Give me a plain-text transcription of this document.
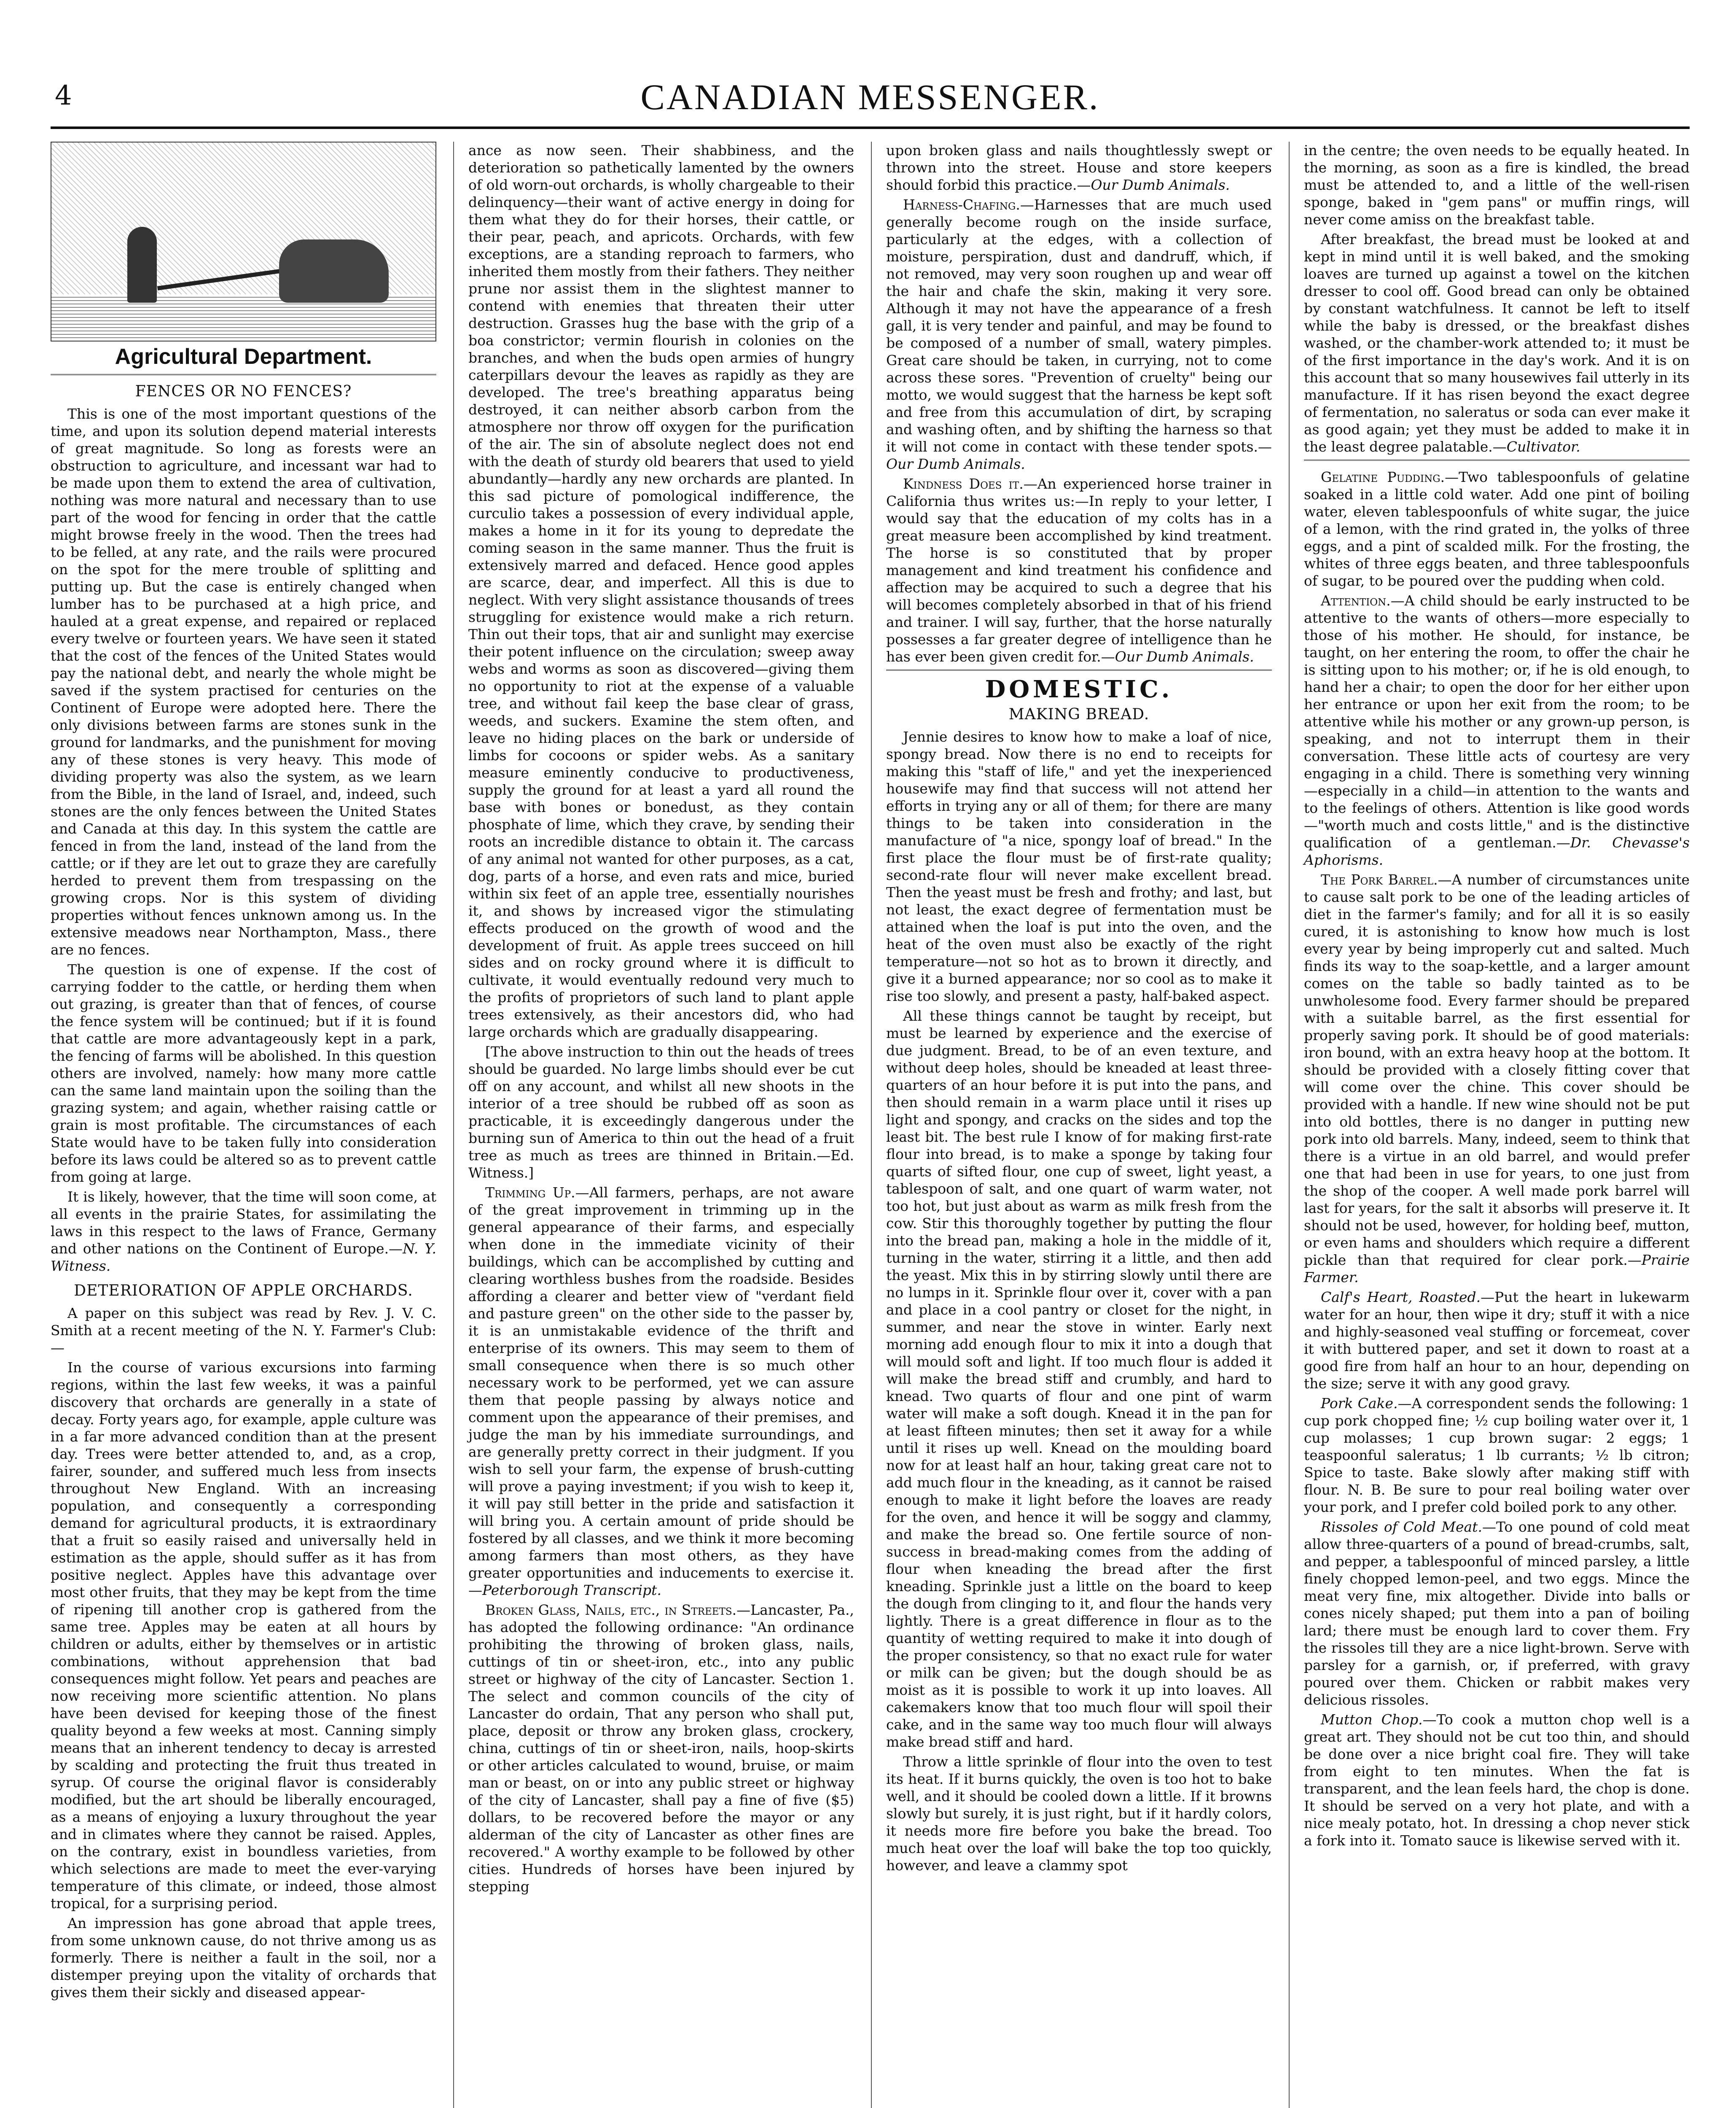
4	CANADIAN MESSENGER.
Agricultural Department.
FENCES OR NO FENCES?

This is one of the most important questions of the time, and upon its solution depend material interests of great magnitude. So long as forests were an obstruction to agriculture, and incessant war had to be made upon them to extend the area of cultivation, nothing was more natural and necessary than to use part of the wood for fencing in order that the cattle might browse freely in the wood. Then the trees had to be felled, at any rate, and the rails were procured on the spot for the mere trouble of splitting and putting up. But the case is entirely changed when lumber has to be purchased at a high price, and hauled at a great expense, and repaired or replaced every twelve or fourteen years. We have seen it stated that the cost of the fences of the United States would pay the national debt, and nearly the whole might be saved if the system practised for centuries on the Continent of Europe were adopted here. There the only divisions between farms are stones sunk in the ground for landmarks, and the punishment for moving any of these stones is very heavy. This mode of dividing property was also the system, as we learn from the Bible, in the land of Israel, and, indeed, such stones are the only fences between the United States and Canada at this day. In this system the cattle are fenced in from the land, instead of the land from the cattle; or if they are let out to graze they are carefully herded to prevent them from trespassing on the growing crops. Nor is this system of dividing properties without fences unknown among us. In the extensive meadows near Northampton, Mass., there are no fences.

The question is one of expense. If the cost of carrying fodder to the cattle, or herding them when out grazing, is greater than that of fences, of course the fence system will be continued; but if it is found that cattle are more advantageously kept in a park, the fencing of farms will be abolished. In this question others are involved, namely: how many more cattle can the same land maintain upon the soiling than the grazing system; and again, whether raising cattle or grain is most profitable. The circumstances of each State would have to be taken fully into consideration before its laws could be altered so as to prevent cattle from going at large.

It is likely, however, that the time will soon come, at all events in the prairie States, for assimilating the laws in this respect to the laws of France, Germany and other nations on the Continent of Europe.—N. Y. Witness.

DETERIORATION OF APPLE ORCHARDS.

A paper on this subject was read by Rev. J. V. C. Smith at a recent meeting of the N. Y. Farmer's Club:—

In the course of various excursions into farming regions, within the last few weeks, it was a painful discovery that orchards are generally in a state of decay. Forty years ago, for example, apple culture was in a far more advanced condition than at the present day. Trees were better attended to, and, as a crop, fairer, sounder, and suffered much less from insects throughout New England. With an increasing population, and consequently a corresponding demand for agricultural products, it is extraordinary that a fruit so easily raised and universally held in estimation as the apple, should suffer as it has from positive neglect. Apples have this advantage over most other fruits, that they may be kept from the time of ripening till another crop is gathered from the same tree. Apples may be eaten at all hours by children or adults, either by themselves or in artistic combinations, without apprehension that bad consequences might follow. Yet pears and peaches are now receiving more scientific attention. No plans have been devised for keeping those of the finest quality beyond a few weeks at most. Canning simply means that an inherent tendency to decay is arrested by scalding and protecting the fruit thus treated in syrup. Of course the original flavor is considerably modified, but the art should be liberally encouraged, as a means of enjoying a luxury throughout the year and in climates where they cannot be raised. Apples, on the contrary, exist in boundless varieties, from which selections are made to meet the ever-varying temperature of this climate, or indeed, those almost tropical, for a surprising period.

An impression has gone abroad that apple trees, from some unknown cause, do not thrive among us as formerly. There is neither a fault in the soil, nor a distemper preying upon the vitality of orchards that gives them their sickly and diseased appear-

ance as now seen. Their shabbiness, and the deterioration so pathetically lamented by the owners of old worn-out orchards, is wholly chargeable to their delinquency—their want of active energy in doing for them what they do for their horses, their cattle, or their pear, peach, and apricots. Orchards, with few exceptions, are a standing reproach to farmers, who inherited them mostly from their fathers. They neither prune nor assist them in the slightest manner to contend with enemies that threaten their utter destruction. Grasses hug the base with the grip of a boa constrictor; vermin flourish in colonies on the branches, and when the buds open armies of hungry caterpillars devour the leaves as rapidly as they are developed. The tree's breathing apparatus being destroyed, it can neither absorb carbon from the atmosphere nor throw off oxygen for the purification of the air. The sin of absolute neglect does not end with the death of sturdy old bearers that used to yield abundantly—hardly any new orchards are planted. In this sad picture of pomological indifference, the curculio takes a possession of every individual apple, makes a home in it for its young to depredate the coming season in the same manner. Thus the fruit is extensively marred and defaced. Hence good apples are scarce, dear, and imperfect. All this is due to neglect. With very slight assistance thousands of trees struggling for existence would make a rich return. Thin out their tops, that air and sunlight may exercise their potent influence on the circulation; sweep away webs and worms as soon as discovered—giving them no opportunity to riot at the expense of a valuable tree, and without fail keep the base clear of grass, weeds, and suckers. Examine the stem often, and leave no hiding places on the bark or underside of limbs for cocoons or spider webs. As a sanitary measure eminently conducive to productiveness, supply the ground for at least a yard all round the base with bones or bonedust, as they contain phosphate of lime, which they crave, by sending their roots an incredible distance to obtain it. The carcass of any animal not wanted for other purposes, as a cat, dog, parts of a horse, and even rats and mice, buried within six feet of an apple tree, essentially nourishes it, and shows by increased vigor the stimulating effects produced on the growth of wood and the development of fruit. As apple trees succeed on hill sides and on rocky ground where it is difficult to cultivate, it would eventually redound very much to the profits of proprietors of such land to plant apple trees extensively, as their ancestors did, who had large orchards which are gradually disappearing.

[The above instruction to thin out the heads of trees should be guarded. No large limbs should ever be cut off on any account, and whilst all new shoots in the interior of a tree should be rubbed off as soon as practicable, it is exceedingly dangerous under the burning sun of America to thin out the head of a fruit tree as much as trees are thinned in Britain.—Ed. Witness.]

Trimming Up.—All farmers, perhaps, are not aware of the great improvement in trimming up in the general appearance of their farms, and especially when done in the immediate vicinity of their buildings, which can be accomplished by cutting and clearing worthless bushes from the roadside. Besides affording a clearer and better view of "verdant field and pasture green" on the other side to the passer by, it is an unmistakable evidence of the thrift and enterprise of its owners. This may seem to them of small consequence when there is so much other necessary work to be performed, yet we can assure them that people passing by always notice and comment upon the appearance of their premises, and judge the man by his immediate surroundings, and are generally pretty correct in their judgment. If you wish to sell your farm, the expense of brush-cutting will prove a paying investment; if you wish to keep it, it will pay still better in the pride and satisfaction it will bring you. A certain amount of pride should be fostered by all classes, and we think it more becoming among farmers than most others, as they have greater opportunities and inducements to exercise it.—Peterborough Transcript.

Broken Glass, Nails, etc., in Streets.—Lancaster, Pa., has adopted the following ordinance: "An ordinance prohibiting the throwing of broken glass, nails, cuttings of tin or sheet-iron, etc., into any public street or highway of the city of Lancaster. Section 1. The select and common councils of the city of Lancaster do ordain, That any person who shall put, place, deposit or throw any broken glass, crockery, china, cuttings of tin or sheet-iron, nails, hoop-skirts or other articles calculated to wound, bruise, or maim man or beast, on or into any public street or highway of the city of Lancaster, shall pay a fine of five ($5) dollars, to be recovered before the mayor or any alderman of the city of Lancaster as other fines are recovered." A worthy example to be followed by other cities. Hundreds of horses have been injured by stepping

upon broken glass and nails thoughtlessly swept or thrown into the street. House and store keepers should forbid this practice.—Our Dumb Animals.

Harness-Chafing.—Harnesses that are much used generally become rough on the inside surface, particularly at the edges, with a collection of moisture, perspiration, dust and dandruff, which, if not removed, may very soon roughen up and wear off the hair and chafe the skin, making it very sore. Although it may not have the appearance of a fresh gall, it is very tender and painful, and may be found to be composed of a number of small, watery pimples. Great care should be taken, in currying, not to come across these sores. "Prevention of cruelty" being our motto, we would suggest that the harness be kept soft and free from this accumulation of dirt, by scraping and washing often, and by shifting the harness so that it will not come in contact with these tender spots.—Our Dumb Animals.

Kindness Does it.—An experienced horse trainer in California thus writes us:—In reply to your letter, I would say that the education of my colts has in a great measure been accomplished by kind treatment. The horse is so constituted that by proper management and kind treatment his confidence and affection may be acquired to such a degree that his will becomes completely absorbed in that of his friend and trainer. I will say, further, that the horse naturally possesses a far greater degree of intelligence than he has ever been given credit for.—Our Dumb Animals.

DOMESTIC.
MAKING BREAD.

Jennie desires to know how to make a loaf of nice, spongy bread. Now there is no end to receipts for making this "staff of life," and yet the inexperienced housewife may find that success will not attend her efforts in trying any or all of them; for there are many things to be taken into consideration in the manufacture of "a nice, spongy loaf of bread." In the first place the flour must be of first-rate quality; second-rate flour will never make excellent bread. Then the yeast must be fresh and frothy; and last, but not least, the exact degree of fermentation must be attained when the loaf is put into the oven, and the heat of the oven must also be exactly of the right temperature—not so hot as to brown it directly, and give it a burned appearance; nor so cool as to make it rise too slowly, and present a pasty, half-baked aspect.

All these things cannot be taught by receipt, but must be learned by experience and the exercise of due judgment. Bread, to be of an even texture, and without deep holes, should be kneaded at least three-quarters of an hour before it is put into the pans, and then should remain in a warm place until it rises up light and spongy, and cracks on the sides and top the least bit. The best rule I know of for making first-rate flour into bread, is to make a sponge by taking four quarts of sifted flour, one cup of sweet, light yeast, a tablespoon of salt, and one quart of warm water, not too hot, but just about as warm as milk fresh from the cow. Stir this thoroughly together by putting the flour into the bread pan, making a hole in the middle of it, turning in the water, stirring it a little, and then add the yeast. Mix this in by stirring slowly until there are no lumps in it. Sprinkle flour over it, cover with a pan and place in a cool pantry or closet for the night, in summer, and near the stove in winter. Early next morning add enough flour to mix it into a dough that will mould soft and light. If too much flour is added it will make the bread stiff and crumbly, and hard to knead. Two quarts of flour and one pint of warm water will make a soft dough. Knead it in the pan for at least fifteen minutes; then set it away for a while until it rises up well. Knead on the moulding board now for at least half an hour, taking great care not to add much flour in the kneading, as it cannot be raised enough to make it light before the loaves are ready for the oven, and hence it will be soggy and clammy, and make the bread so. One fertile source of non-success in bread-making comes from the adding of flour when kneading the bread after the first kneading. Sprinkle just a little on the board to keep the dough from clinging to it, and flour the hands very lightly. There is a great difference in flour as to the quantity of wetting required to make it into dough of the proper consistency, so that no exact rule for water or milk can be given; but the dough should be as moist as it is possible to work it up into loaves. All cakemakers know that too much flour will spoil their cake, and in the same way too much flour will always make bread stiff and hard.

Throw a little sprinkle of flour into the oven to test its heat. If it burns quickly, the oven is too hot to bake well, and it should be cooled down a little. If it browns slowly but surely, it is just right, but if it hardly colors, it needs more fire before you bake the bread. Too much heat over the loaf will bake the top too quickly, however, and leave a clammy spot

in the centre; the oven needs to be equally heated. In the morning, as soon as a fire is kindled, the bread must be attended to, and a little of the well-risen sponge, baked in "gem pans" or muffin rings, will never come amiss on the breakfast table.

After breakfast, the bread must be looked at and kept in mind until it is well baked, and the smoking loaves are turned up against a towel on the kitchen dresser to cool off. Good bread can only be obtained by constant watchfulness. It cannot be left to itself while the baby is dressed, or the breakfast dishes washed, or the chamber-work attended to; it must be of the first importance in the day's work. And it is on this account that so many housewives fail utterly in its manufacture. If it has risen beyond the exact degree of fermentation, no saleratus or soda can ever make it as good again; yet they must be added to make it in the least degree palatable.—Cultivator.

Gelatine Pudding.—Two tablespoonfuls of gelatine soaked in a little cold water. Add one pint of boiling water, eleven tablespoonfuls of white sugar, the juice of a lemon, with the rind grated in, the yolks of three eggs, and a pint of scalded milk. For the frosting, the whites of three eggs beaten, and three tablespoonfuls of sugar, to be poured over the pudding when cold.

Attention.—A child should be early instructed to be attentive to the wants of others—more especially to those of his mother. He should, for instance, be taught, on her entering the room, to offer the chair he is sitting upon to his mother; or, if he is old enough, to hand her a chair; to open the door for her either upon her entrance or upon her exit from the room; to be attentive while his mother or any grown-up person, is speaking, and not to interrupt them in their conversation. These little acts of courtesy are very engaging in a child. There is something very winning—especially in a child—in attention to the wants and to the feelings of others. Attention is like good words—"worth much and costs little," and is the distinctive qualification of a gentleman.—Dr. Chevasse's Aphorisms.

The Pork Barrel.—A number of circumstances unite to cause salt pork to be one of the leading articles of diet in the farmer's family; and for all it is so easily cured, it is astonishing to know how much is lost every year by being improperly cut and salted. Much finds its way to the soap-kettle, and a larger amount comes on the table so badly tainted as to be unwholesome food. Every farmer should be prepared with a suitable barrel, as the first essential for properly saving pork. It should be of good materials: iron bound, with an extra heavy hoop at the bottom. It should be provided with a closely fitting cover that will come over the chine. This cover should be provided with a handle. If new wine should not be put into old bottles, there is no danger in putting new pork into old barrels. Many, indeed, seem to think that there is a virtue in an old barrel, and would prefer one that had been in use for years, to one just from the shop of the cooper. A well made pork barrel will last for years, for the salt it absorbs will preserve it. It should not be used, however, for holding beef, mutton, or even hams and shoulders which require a different pickle than that required for clear pork.—Prairie Farmer.

Calf's Heart, Roasted.—Put the heart in lukewarm water for an hour, then wipe it dry; stuff it with a nice and highly-seasoned veal stuffing or forcemeat, cover it with buttered paper, and set it down to roast at a good fire from half an hour to an hour, depending on the size; serve it with any good gravy.

Pork Cake.—A correspondent sends the following: 1 cup pork chopped fine; ½ cup boiling water over it, 1 cup molasses; 1 cup brown sugar: 2 eggs; 1 teaspoonful saleratus; 1 lb currants; ½ lb citron; Spice to taste. Bake slowly after making stiff with flour. N. B. Be sure to pour real boiling water over your pork, and I prefer cold boiled pork to any other.

Rissoles of Cold Meat.—To one pound of cold meat allow three-quarters of a pound of bread-crumbs, salt, and pepper, a tablespoonful of minced parsley, a little finely chopped lemon-peel, and two eggs. Mince the meat very fine, mix altogether. Divide into balls or cones nicely shaped; put them into a pan of boiling lard; there must be enough lard to cover them. Fry the rissoles till they are a nice light-brown. Serve with parsley for a garnish, or, if preferred, with gravy poured over them. Chicken or rabbit makes very delicious rissoles.

Mutton Chop.—To cook a mutton chop well is a great art. They should not be cut too thin, and should be done over a nice bright coal fire. They will take from eight to ten minutes. When the fat is transparent, and the lean feels hard, the chop is done. It should be served on a very hot plate, and with a nice mealy potato, hot. In dressing a chop never stick a fork into it. Tomato sauce is likewise served with it.
